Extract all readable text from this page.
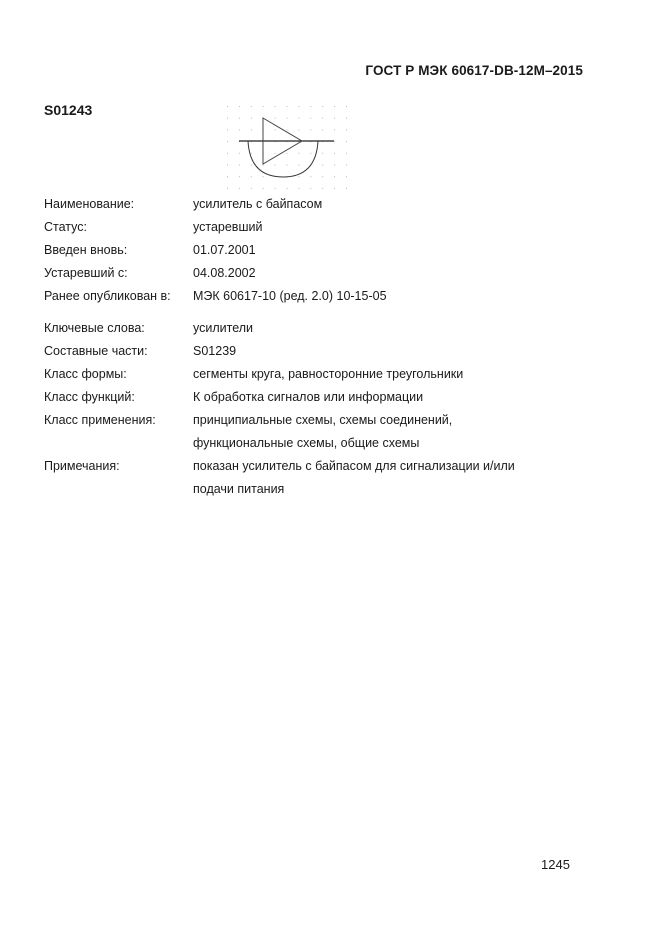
ГОСТ Р МЭК 60617-DB-12M–2015
S01243
Наименование:	усилитель с байпасом
Статус:	устаревший
Введен вновь:	01.07.2001
Устаревший с:	04.08.2002
Ранее опубликован в: МЭК 60617-10 (ред. 2.0) 10-15-05
Ключевые слова:	усилители
Составные части:	S01239
Класс формы:	сегменты круга, равносторонние треугольники
Класс функций:	К обработка сигналов или информации
Класс применения:	принципиальные схемы, схемы соединений,
функциональные схемы, общие схемы
Примечания:	показан усилитель с байпасом для сигнализации и/или
подачи питания
1245
